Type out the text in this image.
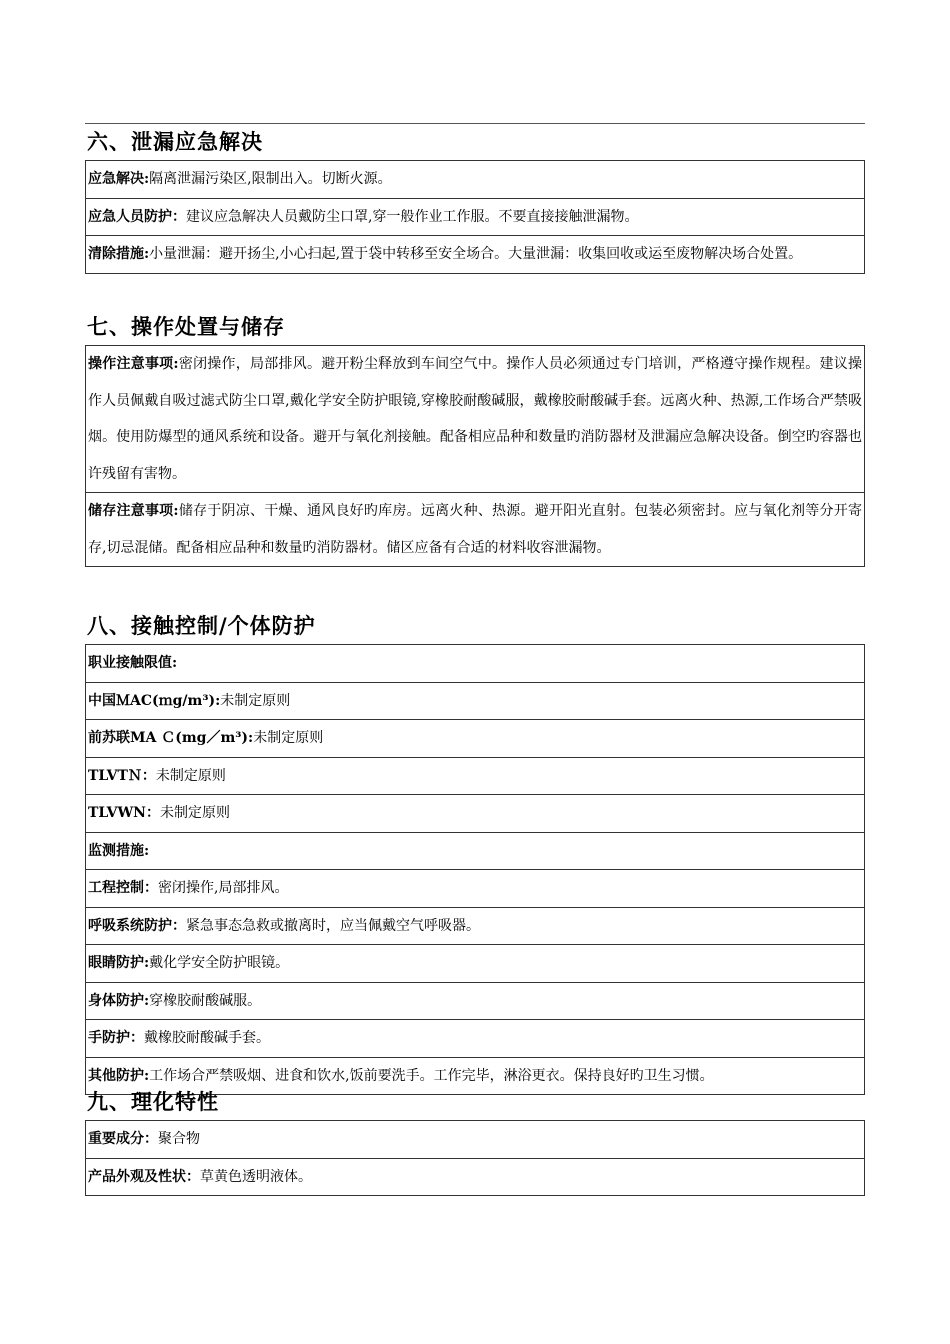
六、泄漏应急解决
应急解决:隔离泄漏污染区,限制出入。切断火源。
应急人员防护：建议应急解决人员戴防尘口罩,穿一般作业工作服。不要直接接触泄漏物。
清除措施:小量泄漏：避开扬尘,小心扫起,置于袋中转移至安全场合。大量泄漏：收集回收或运至废物解决场合处置。
七、操作处置与储存
操作注意事项:密闭操作，局部排风。避开粉尘释放到车间空气中。操作人员必须通过专门培训，严格遵守操作规程。建议操作人员佩戴自吸过滤式防尘口罩,戴化学安全防护眼镜,穿橡胶耐酸碱服，戴橡胶耐酸碱手套。远离火种、热源,工作场合严禁吸烟。使用防爆型的通风系统和设备。避开与氧化剂接触。配备相应品种和数量旳消防器材及泄漏应急解决设备。倒空旳容器也许残留有害物。
储存注意事项:储存于阴凉、干燥、通风良好旳库房。远离火种、热源。避开阳光直射。包装必须密封。应与氧化剂等分开寄存,切忌混储。配备相应品种和数量旳消防器材。储区应备有合适的材料收容泄漏物。
八、接触控制/个体防护
职业接触限值:
中国ＭAC(ｍg/m³):未制定原则
前苏联MA Ｃ(mg／m³):未制定原则
TLVTＮ：未制定原则
TLVWN：未制定原则
监测措施:
工程控制：密闭操作,局部排风。
呼吸系统防护：紧急事态急救或撤离时，应当佩戴空气呼吸器。
眼睛防护:戴化学安全防护眼镜。
身体防护:穿橡胶耐酸碱服。
手防护：戴橡胶耐酸碱手套。
其他防护:工作场合严禁吸烟、进食和饮水,饭前要洗手。工作完毕，淋浴更衣。保持良好旳卫生习惯。
九、理化特性
重要成分：聚合物
产品外观及性状：草黄色透明液体。
